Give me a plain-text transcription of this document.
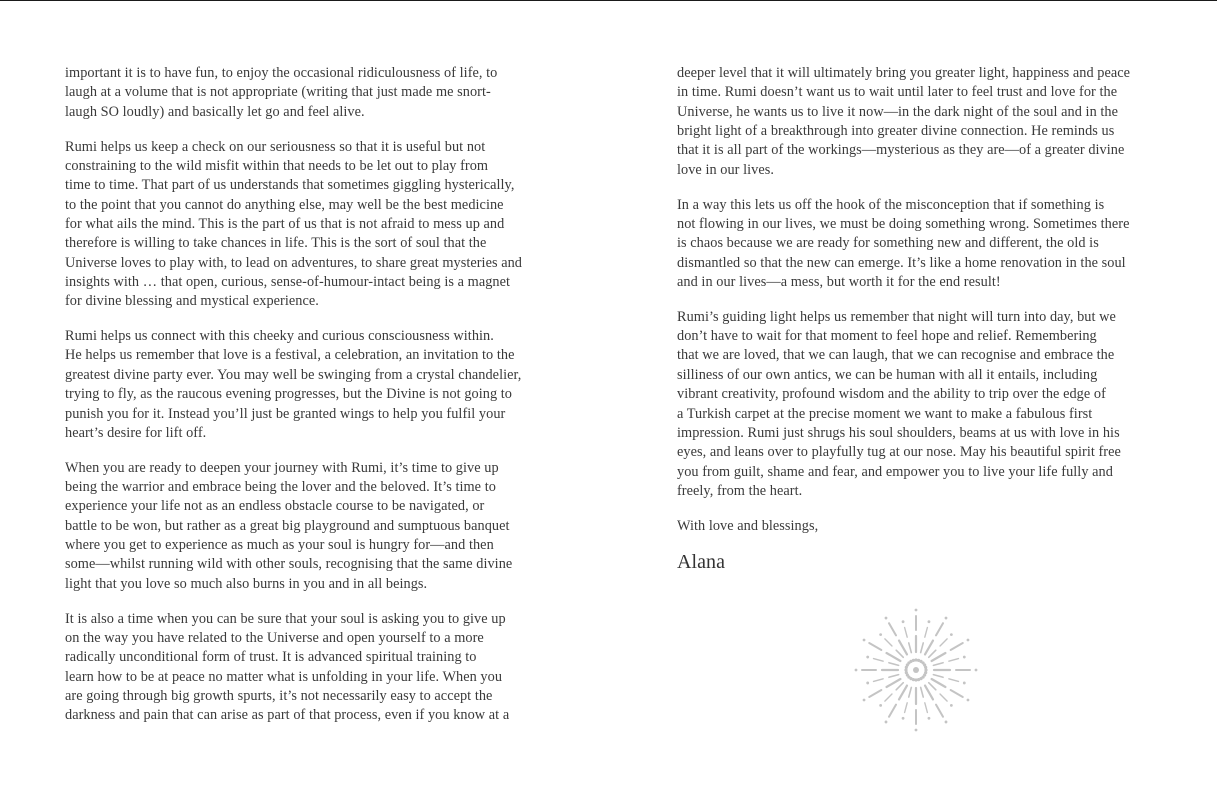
important it is to have fun, to enjoy the occasional ridiculousness of life, to
laugh at a volume that is not appropriate (writing that just made me snort-
laugh SO loudly) and basically let go and feel alive.

Rumi helps us keep a check on our seriousness so that it is useful but not
constraining to the wild misfit within that needs to be let out to play from
time to time. That part of us understands that sometimes giggling hysterically,
to the point that you cannot do anything else, may well be the best medicine
for what ails the mind. This is the part of us that is not afraid to mess up and
therefore is willing to take chances in life. This is the sort of soul that the
Universe loves to play with, to lead on adventures, to share great mysteries and
insights with … that open, curious, sense-of-humour-intact being is a magnet
for divine blessing and mystical experience.

Rumi helps us connect with this cheeky and curious consciousness within.
He helps us remember that love is a festival, a celebration, an invitation to the
greatest divine party ever. You may well be swinging from a crystal chandelier,
trying to fly, as the raucous evening progresses, but the Divine is not going to
punish you for it. Instead you’ll just be granted wings to help you fulfil your
heart’s desire for lift off.

When you are ready to deepen your journey with Rumi, it’s time to give up
being the warrior and embrace being the lover and the beloved. It’s time to
experience your life not as an endless obstacle course to be navigated, or
battle to be won, but rather as a great big playground and sumptuous banquet
where you get to experience as much as your soul is hungry for—and then
some—whilst running wild with other souls, recognising that the same divine
light that you love so much also burns in you and in all beings.

It is also a time when you can be sure that your soul is asking you to give up
on the way you have related to the Universe and open yourself to a more
radically unconditional form of trust. It is advanced spiritual training to
learn how to be at peace no matter what is unfolding in your life. When you
are going through big growth spurts, it’s not necessarily easy to accept the
darkness and pain that can arise as part of that process, even if you know at a

deeper level that it will ultimately bring you greater light, happiness and peace
in time. Rumi doesn’t want us to wait until later to feel trust and love for the
Universe, he wants us to live it now—in the dark night of the soul and in the
bright light of a breakthrough into greater divine connection. He reminds us
that it is all part of the workings—mysterious as they are—of a greater divine
love in our lives.

In a way this lets us off the hook of the misconception that if something is
not flowing in our lives, we must be doing something wrong. Sometimes there
is chaos because we are ready for something new and different, the old is
dismantled so that the new can emerge. It’s like a home renovation in the soul
and in our lives—a mess, but worth it for the end result!

Rumi’s guiding light helps us remember that night will turn into day, but we
don’t have to wait for that moment to feel hope and relief. Remembering
that we are loved, that we can laugh, that we can recognise and embrace the
silliness of our own antics, we can be human with all it entails, including
vibrant creativity, profound wisdom and the ability to trip over the edge of
a Turkish carpet at the precise moment we want to make a fabulous first
impression. Rumi just shrugs his soul shoulders, beams at us with love in his
eyes, and leans over to playfully tug at our nose. May his beautiful spirit free
you from guilt, shame and fear, and empower you to live your life fully and
freely, from the heart.

With love and blessings,

Alana
